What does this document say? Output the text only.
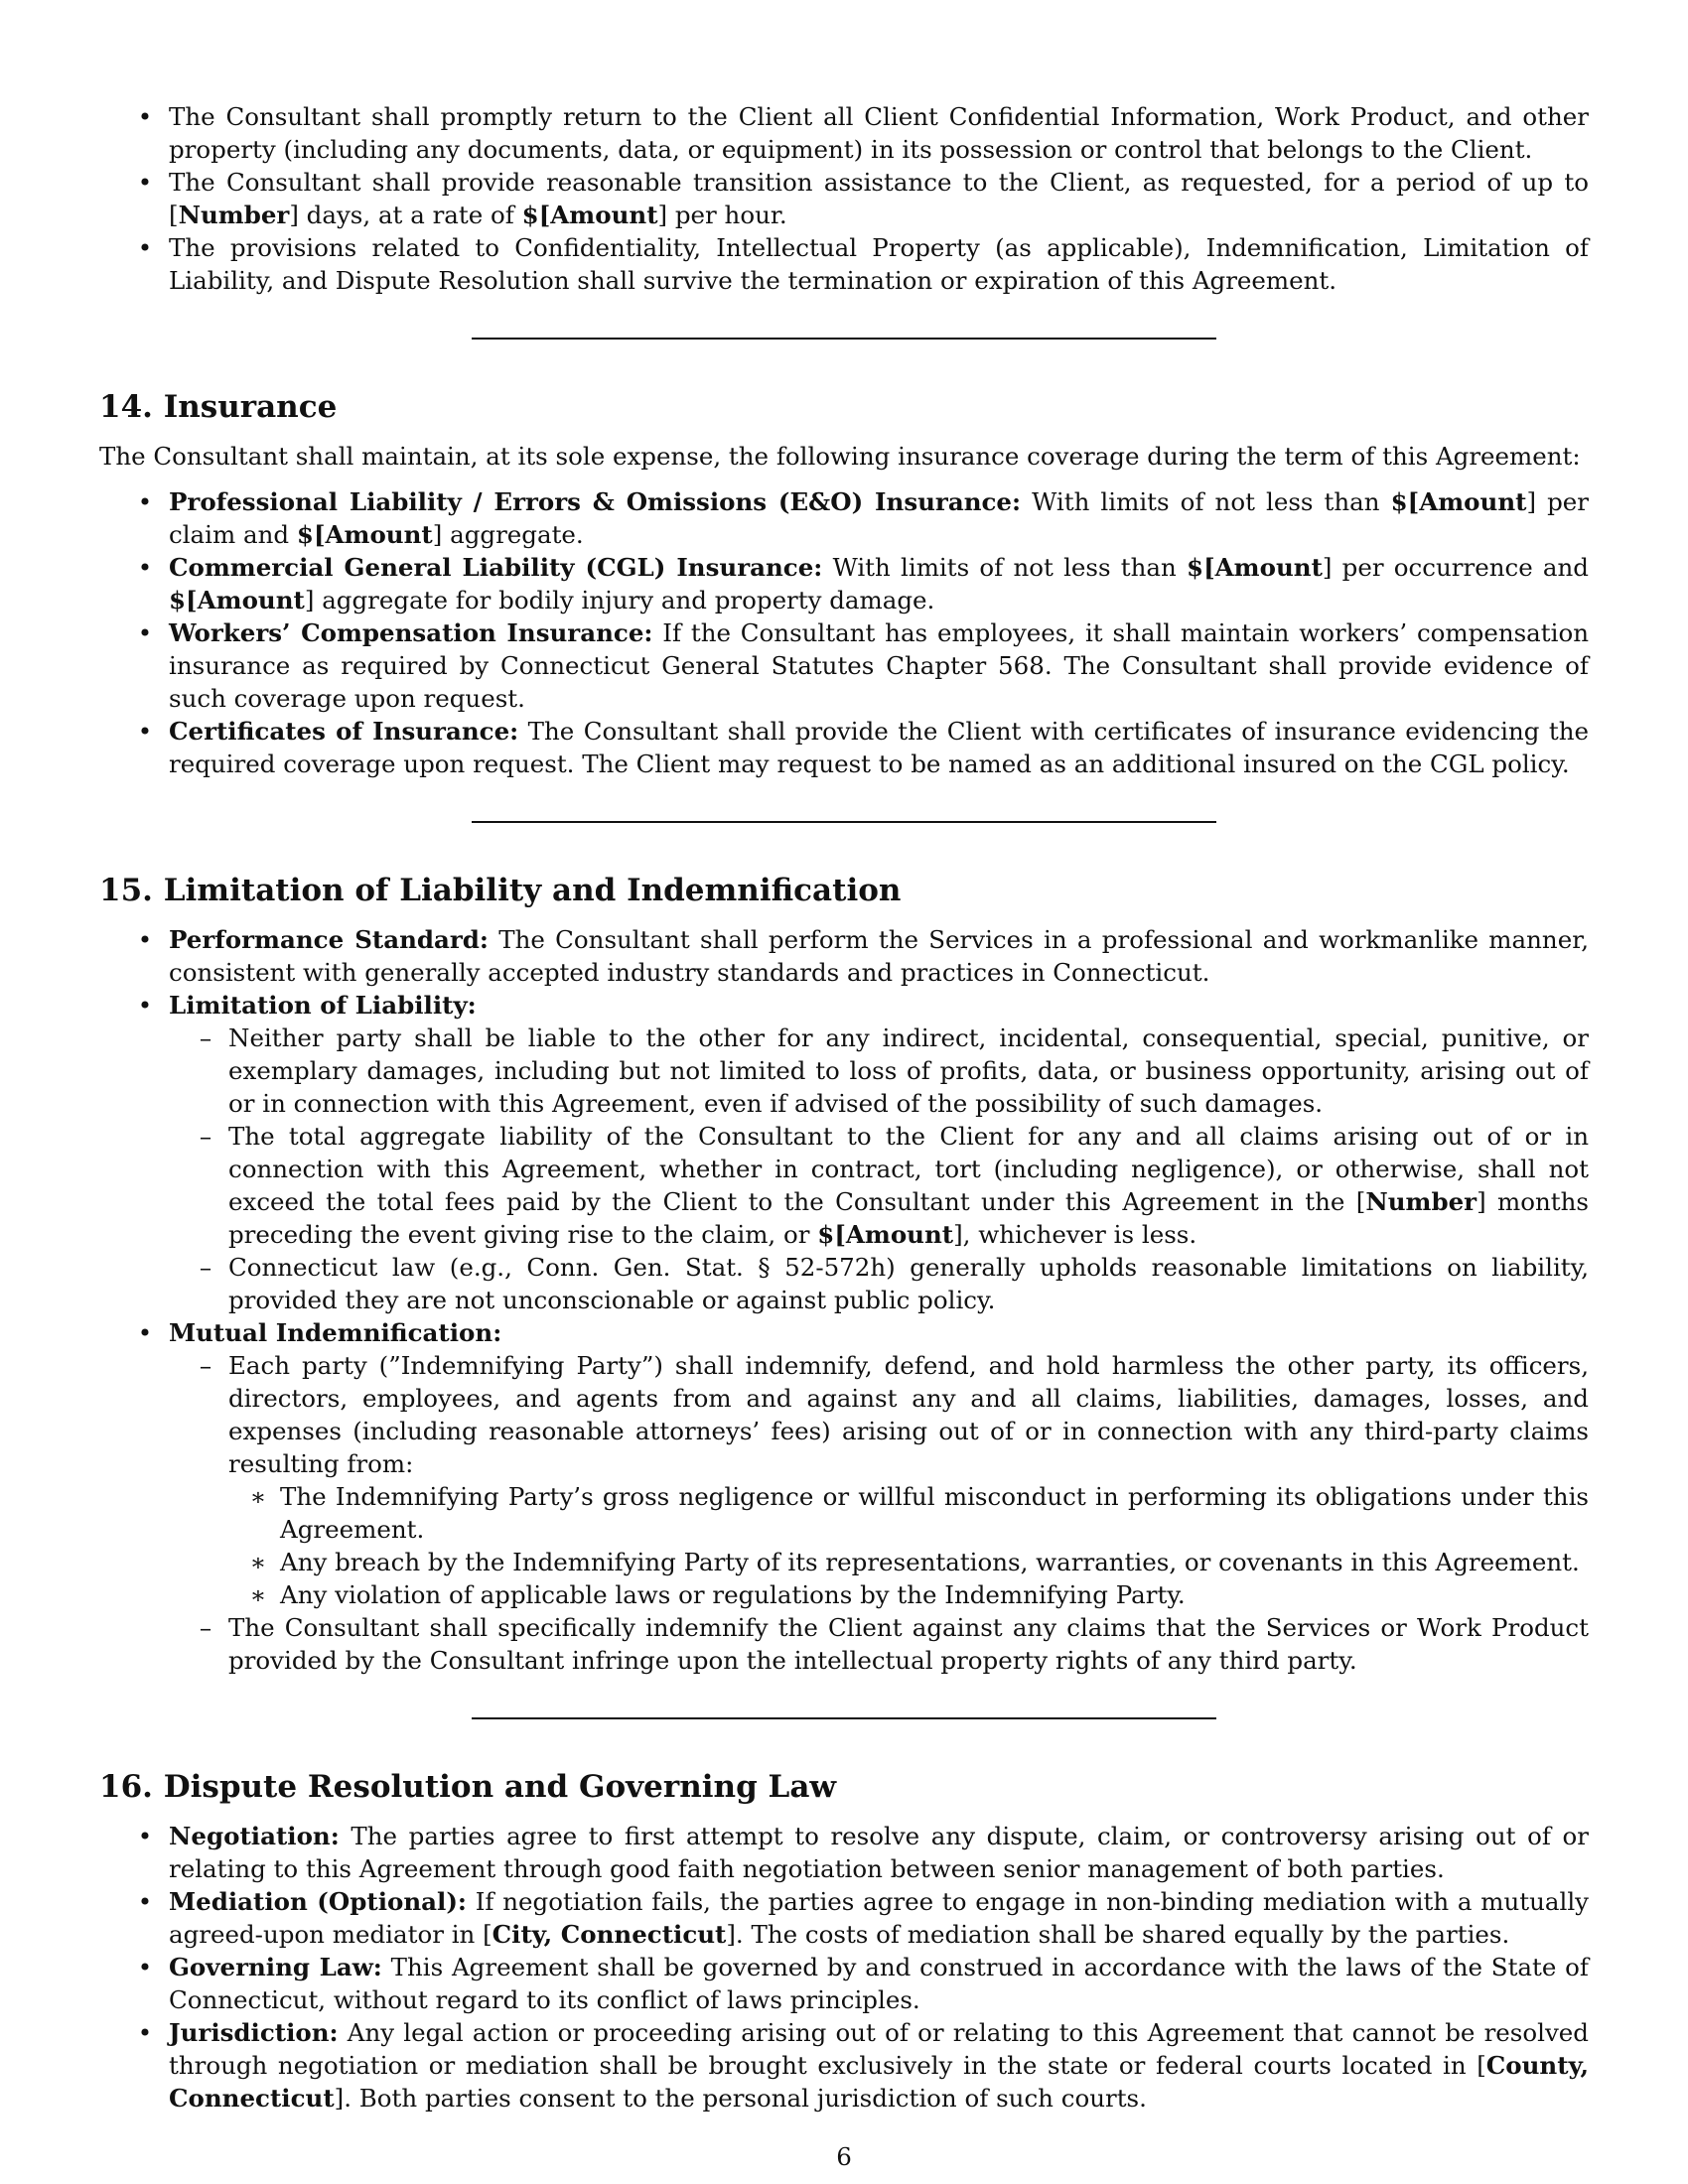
• The Consultant shall promptly return to the Client all Client Confidential Information, Work Product, and other property (including any documents, data, or equipment) in its possession or control that belongs to the Client.
• The Consultant shall provide reasonable transition assistance to the Client, as requested, for a period of up to [Number] days, at a rate of $[Amount] per hour.
• The provisions related to Confidentiality, Intellectual Property (as applicable), Indemnification, Limitation of Liability, and Dispute Resolution shall survive the termination or expiration of this Agreement.
14. Insurance

The Consultant shall maintain, at its sole expense, the following insurance coverage during the term of this Agreement:

• Professional Liability / Errors & Omissions (E&O) Insurance: With limits of not less than $[Amount] per claim and $[Amount] aggregate.
• Commercial General Liability (CGL) Insurance: With limits of not less than $[Amount] per occurrence and $[Amount] aggregate for bodily injury and property damage.
• Workers’ Compensation Insurance: If the Consultant has employees, it shall maintain workers’ compensation insurance as required by Connecticut General Statutes Chapter 568. The Consultant shall provide evidence of such coverage upon request.
• Certificates of Insurance: The Consultant shall provide the Client with certificates of insurance evidencing the required coverage upon request. The Client may request to be named as an additional insured on the CGL policy.
15. Limitation of Liability and Indemnification
• Performance Standard: The Consultant shall perform the Services in a professional and workmanlike manner, consistent with generally accepted industry standards and practices in Connecticut.
• Limitation of Liability:
– Neither party shall be liable to the other for any indirect, incidental, consequential, special, punitive, or exemplary damages, including but not limited to loss of profits, data, or business opportunity, arising out of or in connection with this Agreement, even if advised of the possibility of such damages.
– The total aggregate liability of the Consultant to the Client for any and all claims arising out of or in connection with this Agreement, whether in contract, tort (including negligence), or otherwise, shall not exceed the total fees paid by the Client to the Consultant under this Agreement in the [Number] months preceding the event giving rise to the claim, or $[Amount], whichever is less.
– Connecticut law (e.g., Conn. Gen. Stat. § 52-572h) generally upholds reasonable limitations on liability, provided they are not unconscionable or against public policy.
• Mutual Indemnification:
– Each party (”Indemnifying Party”) shall indemnify, defend, and hold harmless the other party, its officers, directors, employees, and agents from and against any and all claims, liabilities, damages, losses, and expenses (including reasonable attorneys’ fees) arising out of or in connection with any third-party claims resulting from:
∗ The Indemnifying Party’s gross negligence or willful misconduct in performing its obligations under this Agreement.
∗ Any breach by the Indemnifying Party of its representations, warranties, or covenants in this Agreement.
∗ Any violation of applicable laws or regulations by the Indemnifying Party.
– The Consultant shall specifically indemnify the Client against any claims that the Services or Work Product provided by the Consultant infringe upon the intellectual property rights of any third party.
16. Dispute Resolution and Governing Law
• Negotiation: The parties agree to first attempt to resolve any dispute, claim, or controversy arising out of or relating to this Agreement through good faith negotiation between senior management of both parties.
• Mediation (Optional): If negotiation fails, the parties agree to engage in non-binding mediation with a mutually agreed-upon mediator in [City, Connecticut]. The costs of mediation shall be shared equally by the parties.
• Governing Law: This Agreement shall be governed by and construed in accordance with the laws of the State of Connecticut, without regard to its conflict of laws principles.
• Jurisdiction: Any legal action or proceeding arising out of or relating to this Agreement that cannot be resolved through negotiation or mediation shall be brought exclusively in the state or federal courts located in [County, Connecticut]. Both parties consent to the personal jurisdiction of such courts.
6
